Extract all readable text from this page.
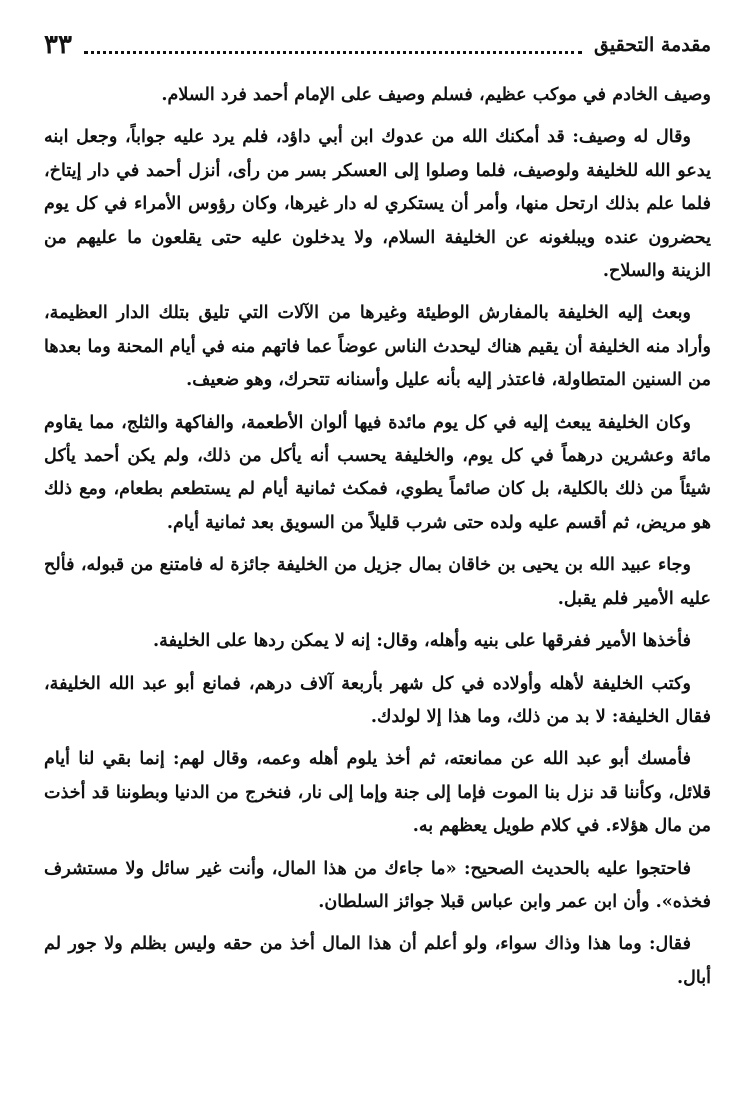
مقدمة التحقيق
٣٣

وصيف الخادم في موكب عظيم، فسلم وصيف على الإمام أحمد فرد السلام.

وقال له وصيف: قد أمكنك الله من عدوك ابن أبي داؤد، فلم يرد عليه جواباً، وجعل ابنه يدعو الله للخليفة ولوصيف، فلما وصلوا إلى العسكر بسر من رأى، أنزل أحمد في دار إيتاخ، فلما علم بذلك ارتحل منها، وأمر أن يستكري له دار غيرها، وكان رؤوس الأمراء في كل يوم يحضرون عنده ويبلغونه عن الخليفة السلام، ولا يدخلون عليه حتى يقلعون ما عليهم من الزينة والسلاح.

وبعث إليه الخليفة بالمفارش الوطيئة وغيرها من الآلات التي تليق بتلك الدار العظيمة، وأراد منه الخليفة أن يقيم هناك ليحدث الناس عوضاً عما فاتهم منه في أيام المحنة وما بعدها من السنين المتطاولة، فاعتذر إليه بأنه عليل وأسنانه تتحرك، وهو ضعيف.

وكان الخليفة يبعث إليه في كل يوم مائدة فيها ألوان الأطعمة، والفاكهة والثلج، مما يقاوم مائة وعشرين درهماً في كل يوم، والخليفة يحسب أنه يأكل من ذلك، ولم يكن أحمد يأكل شيئاً من ذلك بالكلية، بل كان صائماً يطوي، فمكث ثمانية أيام لم يستطعم بطعام، ومع ذلك هو مريض، ثم أقسم عليه ولده حتى شرب قليلاً من السويق بعد ثمانية أيام.

وجاء عبيد الله بن يحيى بن خاقان بمال جزيل من الخليفة جائزة له فامتنع من قبوله، فألح عليه الأمير فلم يقبل.

فأخذها الأمير ففرقها على بنيه وأهله، وقال: إنه لا يمكن ردها على الخليفة.

وكتب الخليفة لأهله وأولاده في كل شهر بأربعة آلاف درهم، فمانع أبو عبد الله الخليفة، فقال الخليفة: لا بد من ذلك، وما هذا إلا لولدك.

فأمسك أبو عبد الله عن ممانعته، ثم أخذ يلوم أهله وعمه، وقال لهم: إنما بقي لنا أيام قلائل، وكأننا قد نزل بنا الموت فإما إلى جنة وإما إلى نار، فنخرج من الدنيا وبطوننا قد أخذت من مال هؤلاء. في كلام طويل يعظهم به.

فاحتجوا عليه بالحديث الصحيح: «ما جاءك من هذا المال، وأنت غير سائل ولا مستشرف فخذه». وأن ابن عمر وابن عباس قبلا جوائز السلطان.

فقال: وما هذا وذاك سواء، ولو أعلم أن هذا المال أخذ من حقه وليس بظلم ولا جور لم أبال.
